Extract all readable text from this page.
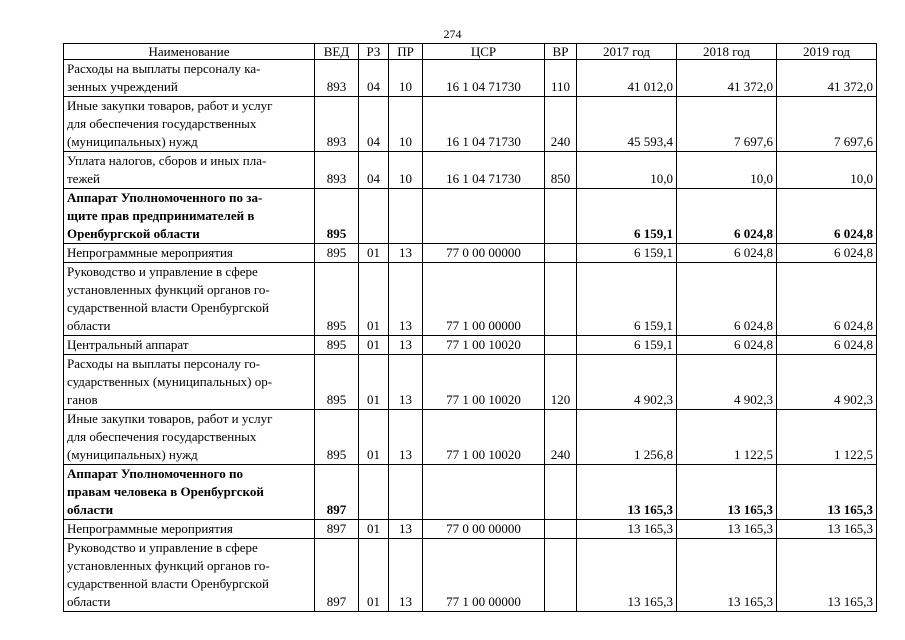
274
Наименование	ВЕД	РЗ	ПР	ЦСР	ВР	2017 год	2018 год	2019 год

Расходы на выплаты персоналу ка-
зенных учреждений	893	04	10	16 1 04 71730	110	41 012,0	41 372,0	41 372,0

Иные закупки товаров, работ и услуг
для обеспечения государственных
(муниципальных) нужд	893	04	10	16 1 04 71730	240	45 593,4	7 697,6	7 697,6

Уплата налогов, сборов и иных пла-
тежей	893	04	10	16 1 04 71730	850	10,0	10,0	10,0

Аппарат Уполномоченного по за-
щите прав предпринимателей в
Оренбургской области	895					6 159,1	6 024,8	6 024,8

Непрограммные мероприятия	895	01	13	77 0 00 00000		6 159,1	6 024,8	6 024,8

Руководство и управление в сфере
установленных функций органов го-
сударственной власти Оренбургской
области	895	01	13	77 1 00 00000		6 159,1	6 024,8	6 024,8

Центральный аппарат	895	01	13	77 1 00 10020		6 159,1	6 024,8	6 024,8

Расходы на выплаты персоналу го-
сударственных (муниципальных) ор-
ганов	895	01	13	77 1 00 10020	120	4 902,3	4 902,3	4 902,3

Иные закупки товаров, работ и услуг
для обеспечения государственных
(муниципальных) нужд	895	01	13	77 1 00 10020	240	1 256,8	1 122,5	1 122,5

Аппарат Уполномоченного по
правам человека в Оренбургской
области	897					13 165,3	13 165,3	13 165,3

Непрограммные мероприятия	897	01	13	77 0 00 00000		13 165,3	13 165,3	13 165,3

Руководство и управление в сфере
установленных функций органов го-
сударственной власти Оренбургской
области	897	01	13	77 1 00 00000		13 165,3	13 165,3	13 165,3
